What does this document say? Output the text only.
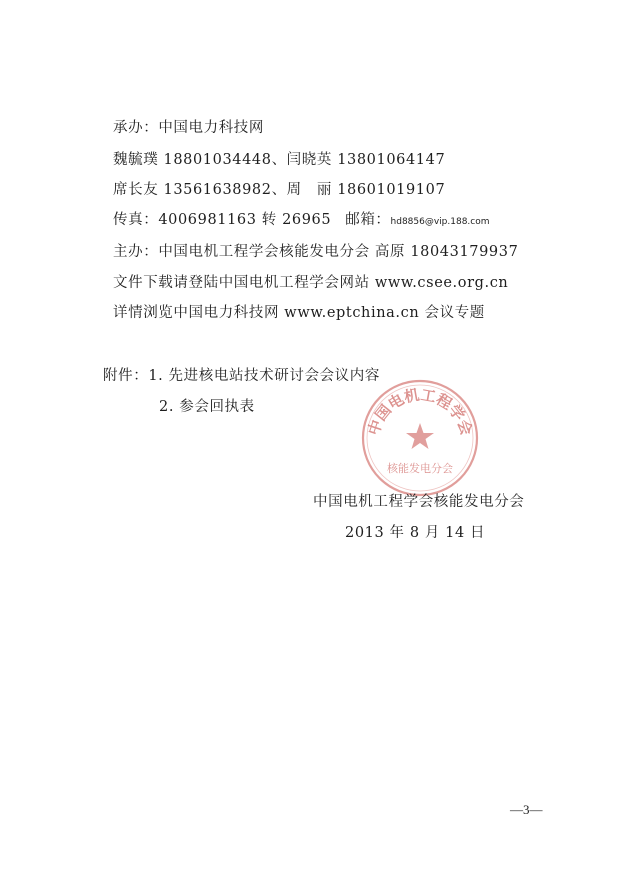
承办：中国电力科技网
魏毓璞 18801034448、闫晓英 13801064147
席长友 13561638982、周　丽 18601019107
传真：4006981163 转 26965 邮箱：hd8856@vip.188.com
主办：中国电机工程学会核能发电分会 高原 18043179937
文件下载请登陆中国电机工程学会网站 www.csee.org.cn
详情浏览中国电力科技网 www.eptchina.cn 会议专题
附件：1. 先进核电站技术研讨会会议内容
2. 参会回执表
中国电机工程学会
核能发电分会
中国电机工程学会核能发电分会
2013 年 8 月 14 日
—3—
